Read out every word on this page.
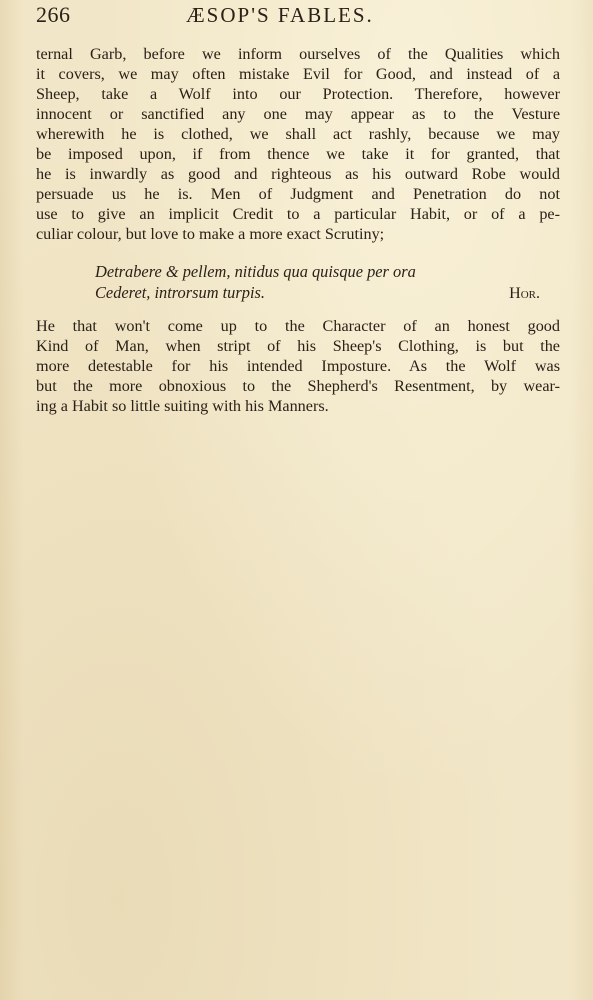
266	ÆSOP'S FABLES.
ternal Garb, before we inform ourselves of the Qualities which
it covers, we may often mistake Evil for Good, and instead of a
Sheep, take a Wolf into our Protection. Therefore, however
innocent or sanctified any one may appear as to the Vesture
wherewith he is clothed, we shall act rashly, because we may
be imposed upon, if from thence we take it for granted, that
he is inwardly as good and righteous as his outward Robe would
persuade us he is. Men of Judgment and Penetration do not
use to give an implicit Credit to a particular Habit, or of a pe-
culiar colour, but love to make a more exact Scrutiny;
Detrabere & pellem, nitidus qua quisque per ora
Cederet, introrsum turpis.	Hor.
He that won't come up to the Character of an honest good
Kind of Man, when stript of his Sheep's Clothing, is but the
more detestable for his intended Imposture. As the Wolf was
but the more obnoxious to the Shepherd's Resentment, by wear-
ing a Habit so little suiting with his Manners.
